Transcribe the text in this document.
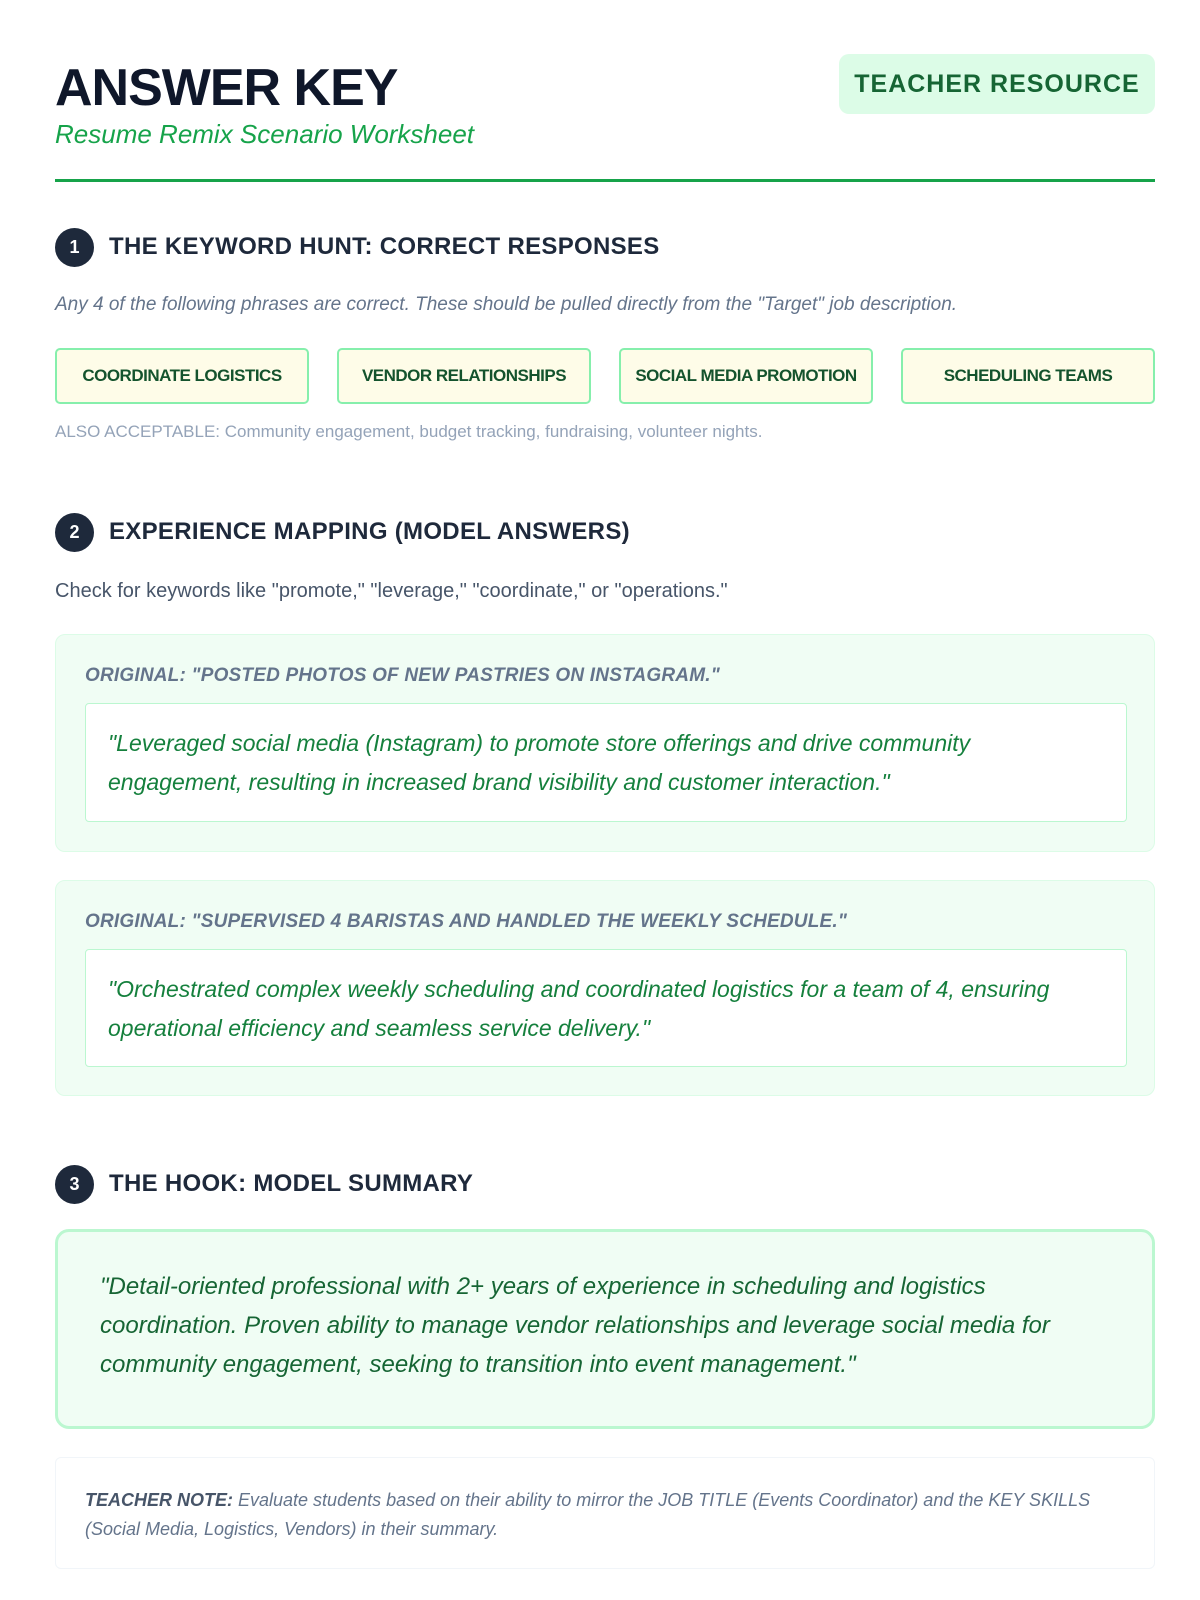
ANSWER KEY
Resume Remix Scenario Worksheet
TEACHER RESOURCE
1	THE KEYWORD HUNT: CORRECT RESPONSES
Any 4 of the following phrases are correct. These should be pulled directly from the "Target" job description.
COORDINATE LOGISTICS	VENDOR RELATIONSHIPS	SOCIAL MEDIA PROMOTION	SCHEDULING TEAMS
ALSO ACCEPTABLE: Community engagement, budget tracking, fundraising, volunteer nights.
2	EXPERIENCE MAPPING (MODEL ANSWERS)
Check for keywords like "promote," "leverage," "coordinate," or "operations."
ORIGINAL: "POSTED PHOTOS OF NEW PASTRIES ON INSTAGRAM."
"Leveraged social media (Instagram) to promote store offerings and drive community engagement, resulting in increased brand visibility and customer interaction."
ORIGINAL: "SUPERVISED 4 BARISTAS AND HANDLED THE WEEKLY SCHEDULE."
"Orchestrated complex weekly scheduling and coordinated logistics for a team of 4, ensuring operational efficiency and seamless service delivery."
3	THE HOOK: MODEL SUMMARY
"Detail-oriented professional with 2+ years of experience in scheduling and logistics coordination. Proven ability to manage vendor relationships and leverage social media for community engagement, seeking to transition into event management."
TEACHER NOTE: Evaluate students based on their ability to mirror the JOB TITLE (Events Coordinator) and the KEY SKILLS (Social Media, Logistics, Vendors) in their summary.
